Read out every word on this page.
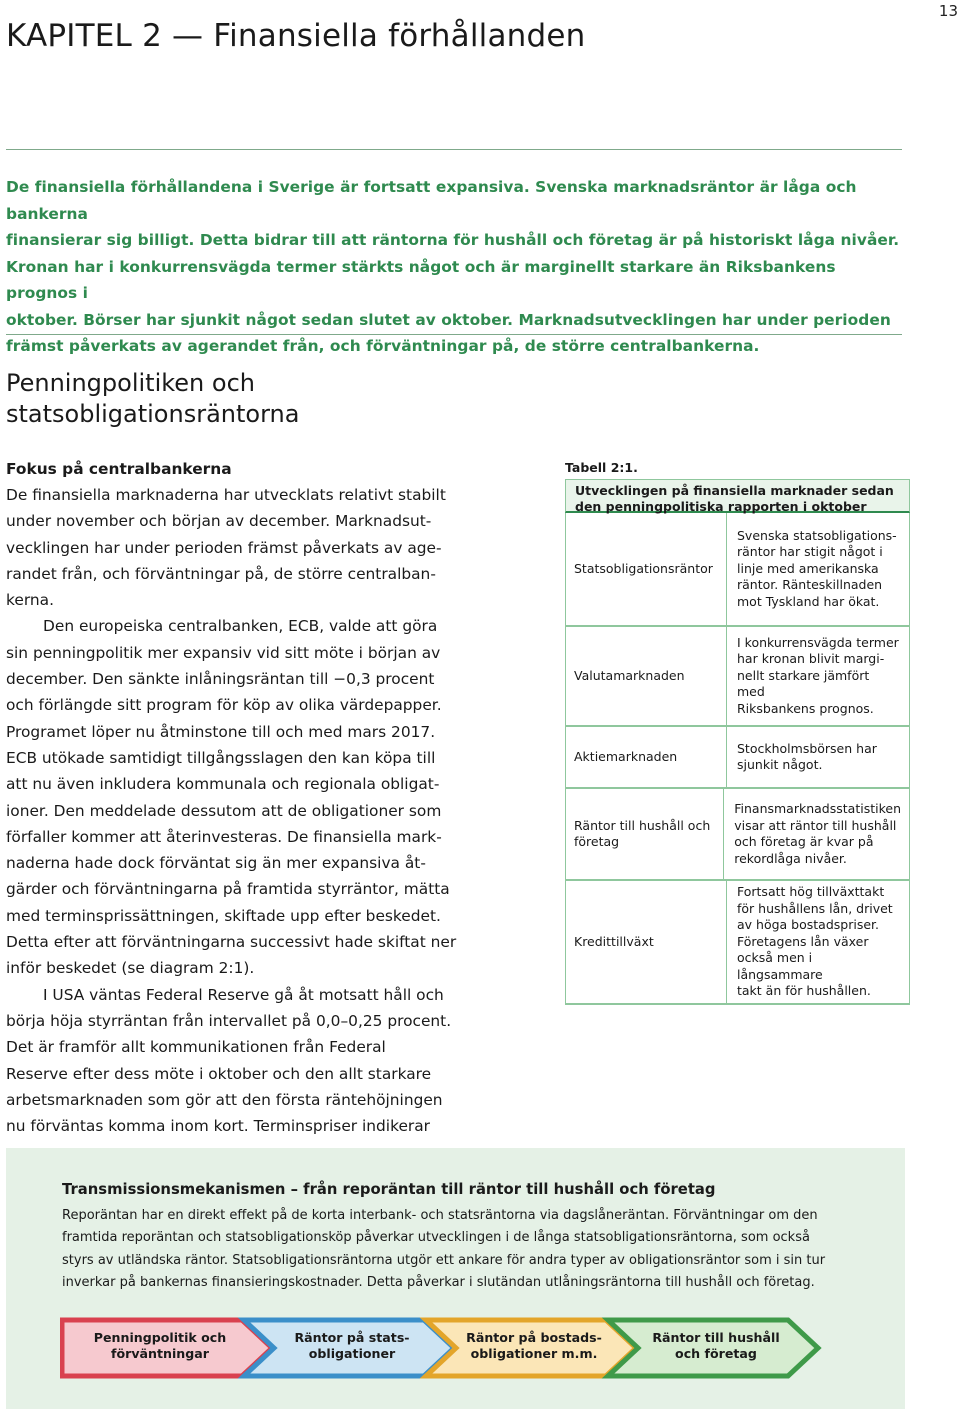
13
KAPITEL 2 — Finansiella förhållanden

De finansiella förhållandena i Sverige är fortsatt expansiva. Svenska marknadsräntor är låga och bankerna

finansierar sig billigt. Detta bidrar till att räntorna för hushåll och företag är på historiskt låga nivåer.

Kronan har i konkurrensvägda termer stärkts något och är marginellt starkare än Riksbankens prognos i

oktober. Börser har sjunkit något sedan slutet av oktober. Marknadsutvecklingen har under perioden

främst påverkats av agerandet från, och förväntningar på, de större centralbankerna.

Penningpolitiken och
statsobligationsräntorna
Fokus på centralbankerna
De finansiella marknaderna har utvecklats relativt stabilt
under november och början av december. Marknadsut-
vecklingen har under perioden främst påverkats av age-
randet från, och förväntningar på, de större centralban-
kerna.
Den europeiska centralbanken, ECB, valde att göra
sin penningpolitik mer expansiv vid sitt möte i början av
december. Den sänkte inlåningsräntan till −0,3 procent
och förlängde sitt program för köp av olika värdepapper.
Programet löper nu åtminstone till och med mars 2017.
ECB utökade samtidigt tillgångsslagen den kan köpa till
att nu även inkludera kommunala och regionala obligat-
ioner. Den meddelade dessutom att de obligationer som
förfaller kommer att återinvesteras. De finansiella mark-
naderna hade dock förväntat sig än mer expansiva åt-
gärder och förväntningarna på framtida styrräntor, mätta
med terminsprissättningen, skiftade upp efter beskedet.
Detta efter att förväntningarna successivt hade skiftat ner
inför beskedet (se diagram 2:1).
I USA väntas Federal Reserve gå åt motsatt håll och
börja höja styrräntan från intervallet på 0,0–0,25 procent.
Det är framför allt kommunikationen från Federal
Reserve efter dess möte i oktober och den allt starkare
arbetsmarknaden som gör att den första räntehöjningen
nu förväntas komma inom kort. Terminspriser indikerar
Tabell 2:1.
Utvecklingen på finansiella marknader sedan
den penningpolitiska rapporten i oktober
Statsobligationsräntor
Svenska statsobligations-
räntor har stigit något i
linje med amerikanska
räntor. Ränteskillnaden
mot Tyskland har ökat.
Valutamarknaden
I konkurrensvägda termer
har kronan blivit margi-
nellt starkare jämfört med
Riksbankens prognos.
Aktiemarknaden
Stockholmsbörsen har
sjunkit något.
Räntor till hushåll och företag
Finansmarknadsstatistiken
visar att räntor till hushåll
och företag är kvar på
rekordlåga nivåer.
Kredittillväxt
Fortsatt hög tillväxttakt
för hushållens lån, drivet
av höga bostadspriser.
Företagens lån växer
också men i långsammare
takt än för hushållen.
Transmissionsmekanismen – från reporäntan till räntor till hushåll och företag
Reporäntan har en direkt effekt på de korta interbank- och statsräntorna via dagslåneräntan. Förväntningar om den
framtida reporäntan och statsobligationsköp påverkar utvecklingen i de långa statsobligationsräntorna, som också
styrs av utländska räntor. Statsobligationsräntorna utgör ett ankare för andra typer av obligationsräntor som i sin tur
inverkar på bankernas finansieringskostnader. Detta påverkar i slutändan utlåningsräntorna till hushåll och företag.
Penningpolitik och
förväntningar
Räntor på stats-
obligationer
Räntor på bostads-
obligationer m.m.
Räntor till hushåll
och företag
